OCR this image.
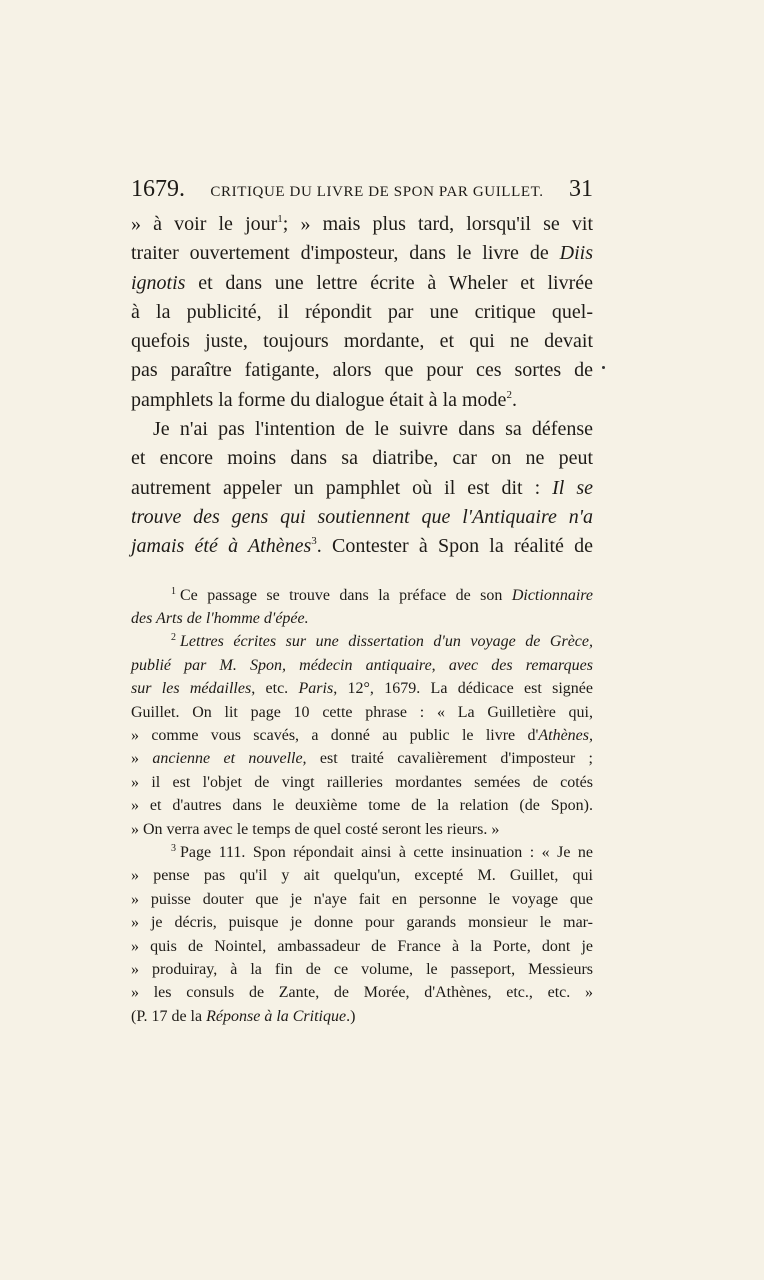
1679. CRITIQUE DU LIVRE DE SPON PAR GUILLET. 31

» à voir le jour$^1$; » mais plus tard, lorsqu'il se vit
traiter ouvertement d'imposteur, dans le livre de Diis
ignotis et dans une lettre écrite à Wheler et livrée
à la publicité, il répondit par une critique quel-
quefois juste, toujours mordante, et qui ne devait
pas paraître fatigante, alors que pour ces sortes de
pamphlets la forme du dialogue était à la mode$^2$.

Je n'ai pas l'intention de le suivre dans sa défense
et encore moins dans sa diatribe, car on ne peut
autrement appeler un pamphlet où il est dit : Il se
trouve des gens qui soutiennent que l'Antiquaire n'a
jamais été à Athènes$^3$. Contester à Spon la réalité de

$^1$ Ce passage se trouve dans la préface de son Dictionnaire
des Arts de l'homme d'épée.
$^2$ Lettres écrites sur une dissertation d'un voyage de Grèce,
publié par M. Spon, médecin antiquaire, avec des remarques
sur les médailles, etc. Paris, 12°, 1679. La dédicace est signée
Guillet. On lit page 10 cette phrase : « La Guilletière qui,
» comme vous scavés, a donné au public le livre d'Athènes,
» ancienne et nouvelle, est traité cavalièrement d'imposteur ;
» il est l'objet de vingt railleries mordantes semées de cotés
» et d'autres dans le deuxième tome de la relation (de Spon).
» On verra avec le temps de quel costé seront les rieurs. »
$^3$ Page 111. Spon répondait ainsi à cette insinuation : « Je ne
» pense pas qu'il y ait quelqu'un, excepté M. Guillet, qui
» puisse douter que je n'aye fait en personne le voyage que
» je décris, puisque je donne pour garands monsieur le mar-
» quis de Nointel, ambassadeur de France à la Porte, dont je
» produiray, à la fin de ce volume, le passeport, Messieurs
» les consuls de Zante, de Morée, d'Athènes, etc., etc. »
(P. 17 de la Réponse à la Critique.)
